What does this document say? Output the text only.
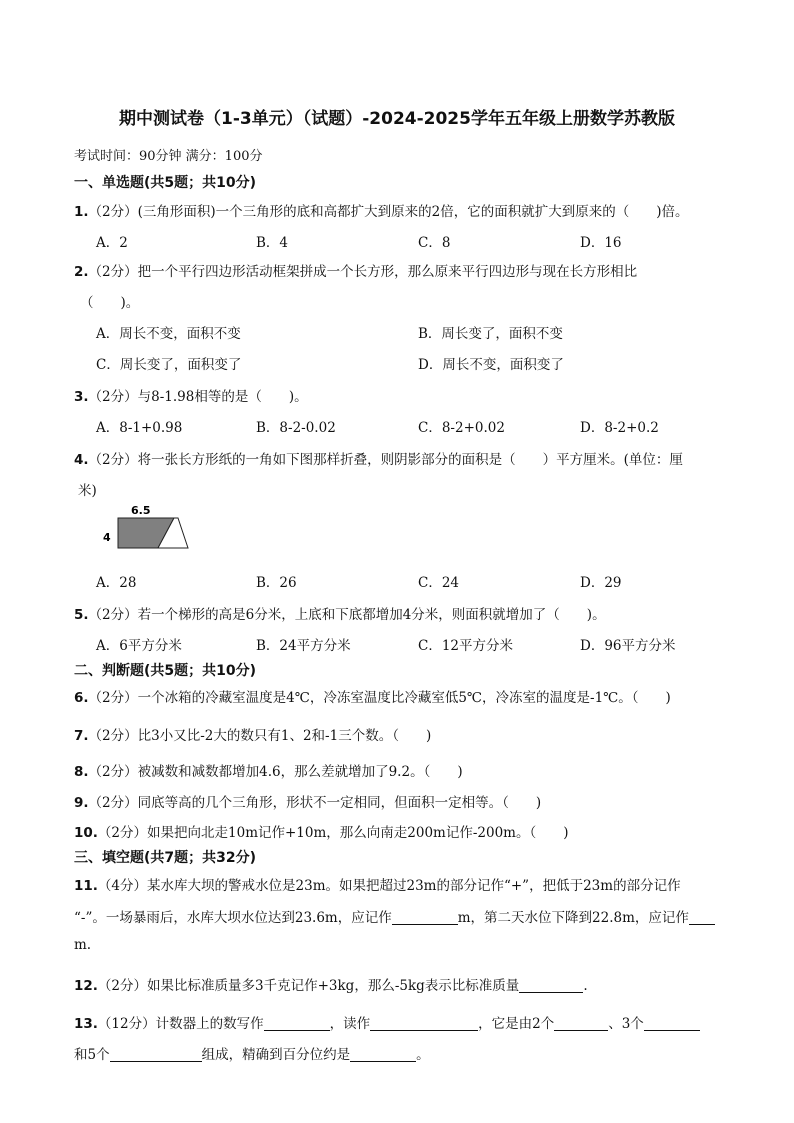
期中测试卷（1-3单元）（试题）-2024-2025学年五年级上册数学苏教版
考试时间：90分钟 满分：100分
一、单选题(共5题；共10分)
1.（2分）(三角形面积)一个三角形的底和高都扩大到原来的2倍，它的面积就扩大到原来的（　　)倍。
A．2	B．4	C．8	D．16
2.（2分）把一个平行四边形活动框架拼成一个长方形，那么原来平行四边形与现在长方形相比
（　　)。
A．周长不变，面积不变	B．周长变了，面积不变
C．周长变了，面积变了	D．周长不变，面积变了
3.（2分）与8-1.98相等的是（　　)。
A．8-1+0.98	B．8-2-0.02	C．8-2+0.02	D．8-2+0.2
4.（2分）将一张长方形纸的一角如下图那样折叠，则阴影部分的面积是（　　）平方厘米。(单位：厘
米)
6.5
4
A．28	B．26	C．24	D．29
5.（2分）若一个梯形的高是6分米，上底和下底都增加4分米，则面积就增加了（　　)。
A．6平方分米	B．24平方分米	C．12平方分米	D．96平方分米
二、判断题(共5题；共10分)
6.（2分）一个冰箱的冷藏室温度是4℃，冷冻室温度比冷藏室低5℃，冷冻室的温度是-1℃。（　　)
7.（2分）比3小又比-2大的数只有1、2和-1三个数。（　　)
8.（2分）被减数和减数都增加4.6，那么差就增加了9.2。（　　)
9.（2分）同底等高的几个三角形，形状不一定相同，但面积一定相等。（　　)
10.（2分）如果把向北走10m记作+10m，那么向南走200m记作-200m。（　　)
三、填空题(共7题；共32分)
11.（4分）某水库大坝的警戒水位是23m。如果把超过23m的部分记作“+”，把低于23m的部分记作
“-”。一场暴雨后，水库大坝水位达到23.6m，应记作	m，第二天水位下降到22.8m，应记作
m.
12.（2分）如果比标准质量多3千克记作+3kg，那么-5kg表示比标准质量	.
13.（12分）计数器上的数写作	，读作	，它是由2个	、3个
和5个	组成，精确到百分位约是	。
